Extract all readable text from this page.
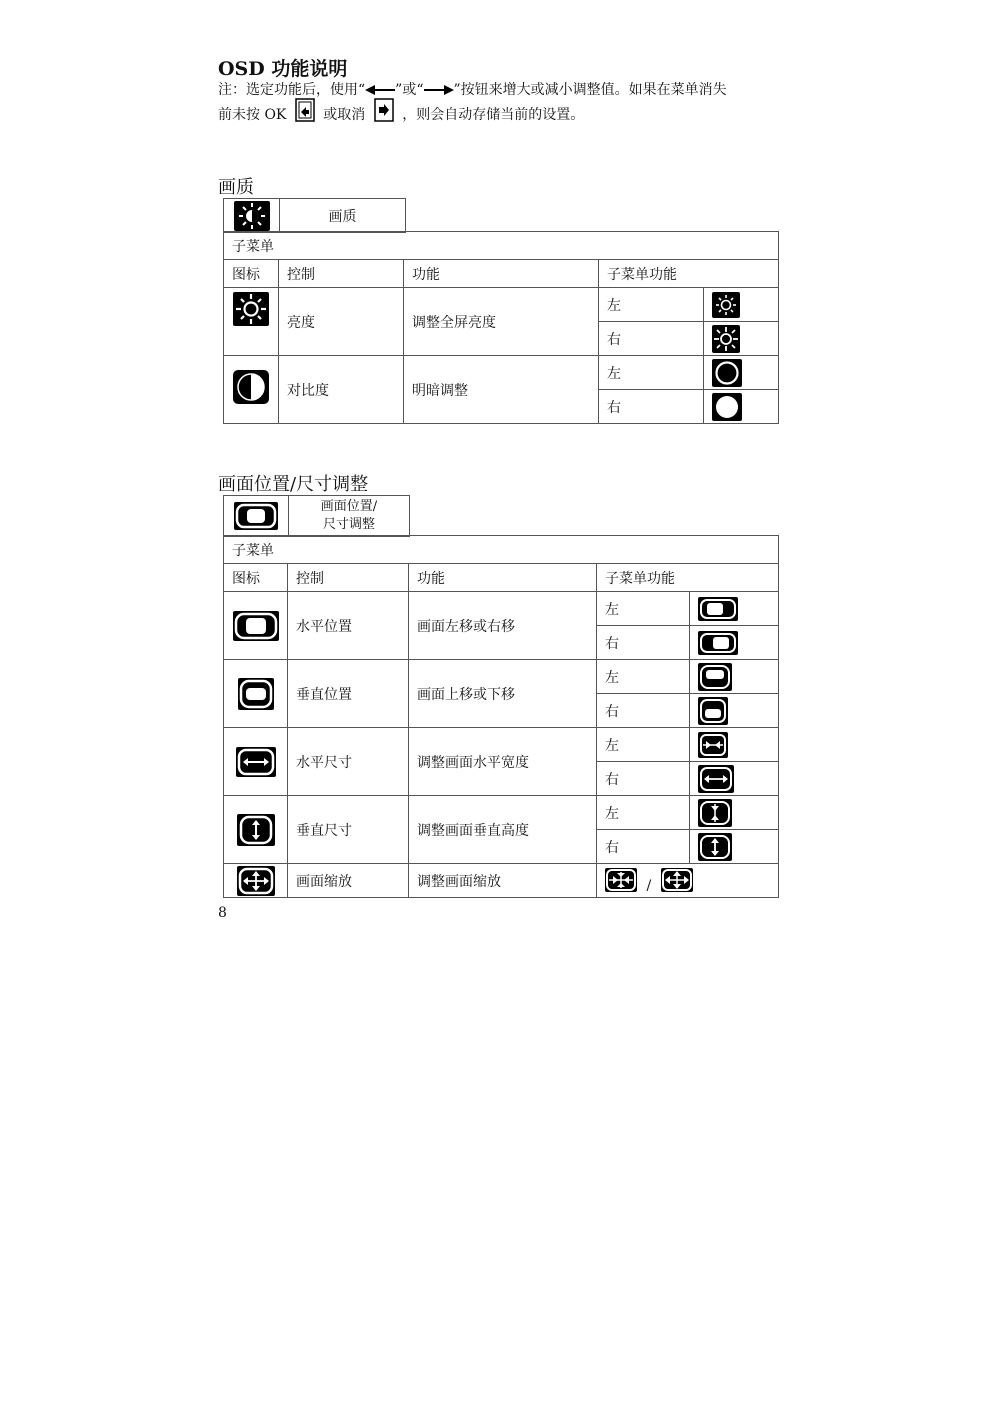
OSD 功能说明
注：选定功能后，使用“ ”或“ ”按钮来增大或减小调整值。如果在菜单消失
前未按 OK	或取消	，则会自动存储当前的设置。
画质
	画质
子菜单				
图标	控制	功能	子菜单功能	

	亮度	调整全屏亮度	左	

			右	

	对比度	明暗调整	左	

			右	
画面位置/尺寸调整

画面位置/
尺寸调整
子菜单				
图标	控制	功能	子菜单功能	

	水平位置	画面左移或右移	左	

			右	

	垂直位置	画面上移或下移	左	

			右	

	水平尺寸	调整画面水平宽度	左	

			右	

	垂直尺寸	调整画面垂直高度	左	

			右	

	画面缩放	调整画面缩放	/	
8
